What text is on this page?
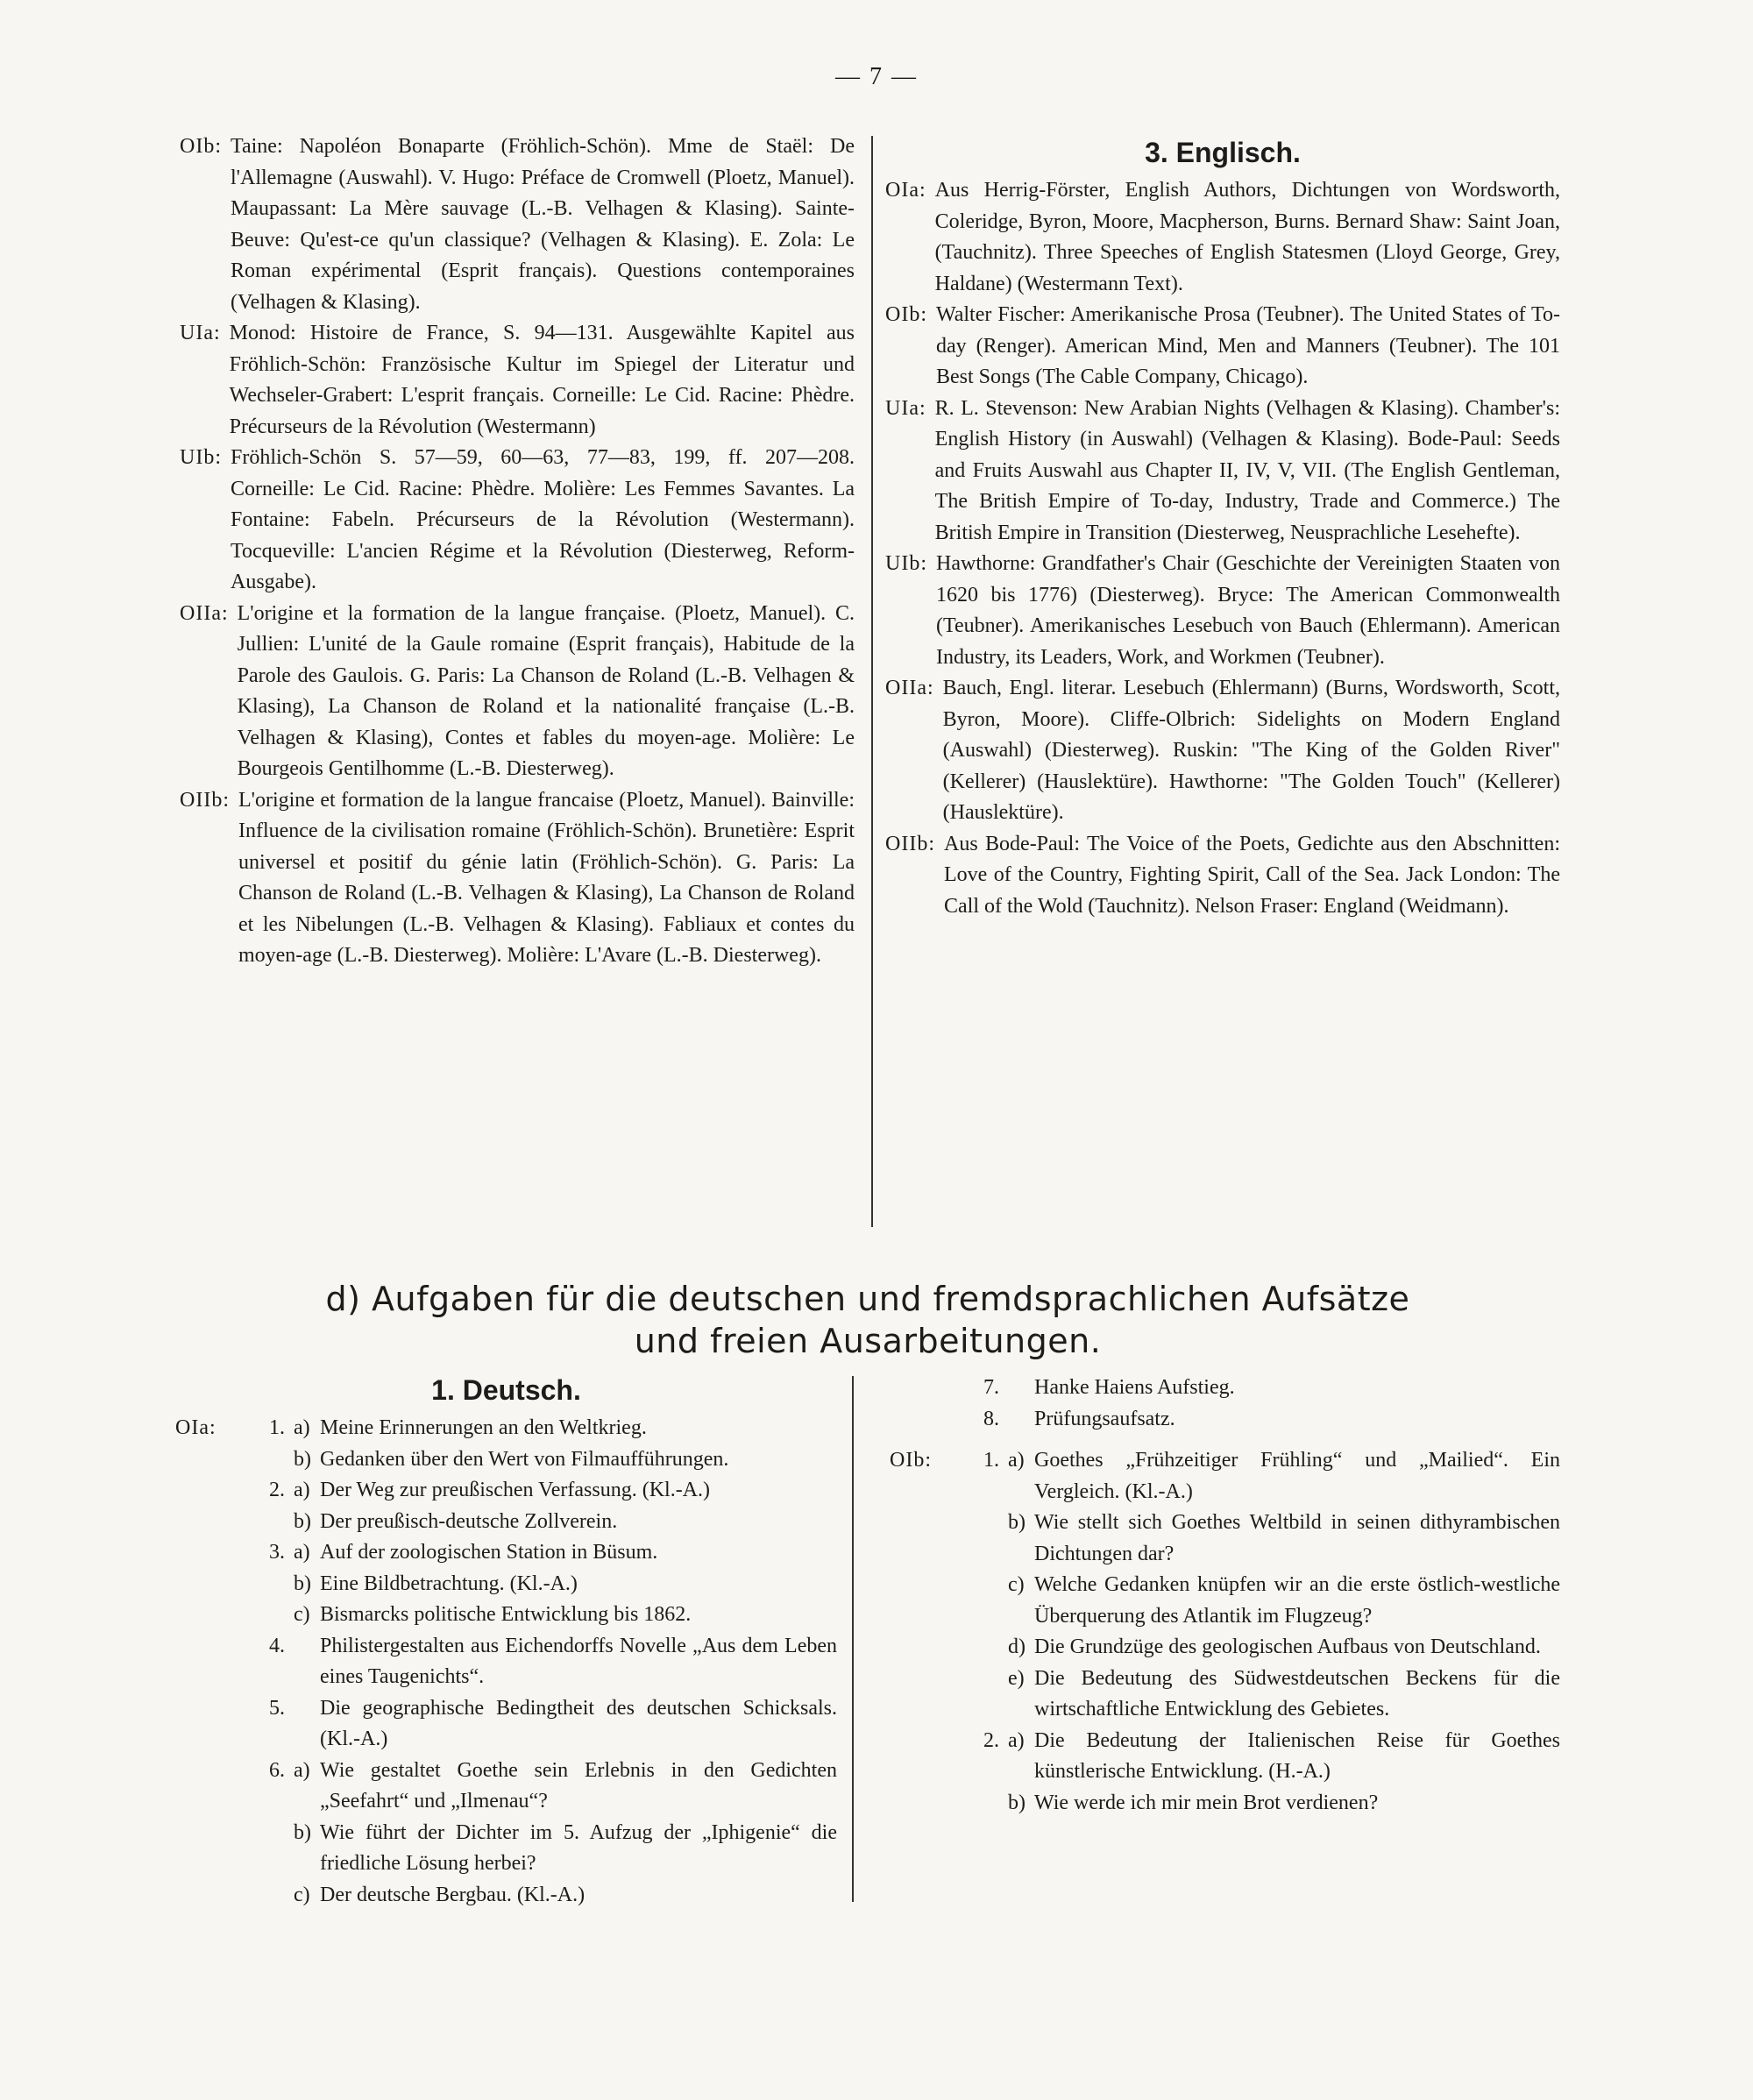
— 7 —
OIb: Taine: Napoléon Bonaparte (Fröhlich-Schön). Mme de Staël: De l'Allemagne (Auswahl). V. Hugo: Préface de Cromwell (Ploetz, Manuel). Maupassant: La Mère sauvage (L.-B. Velhagen & Klasing). Sainte-Beuve: Qu'est-ce qu'un classique? (Velhagen & Klasing). E. Zola: Le Roman expérimental (Esprit français). Questions contemporaines (Velhagen & Klasing).
UIa: Monod: Histoire de France, S. 94—131. Ausgewählte Kapitel aus Fröhlich-Schön: Französische Kultur im Spiegel der Literatur und Wechseler-Grabert: L'esprit français. Corneille: Le Cid. Racine: Phèdre. Précurseurs de la Révolution (Westermann)
UIb: Fröhlich-Schön S. 57—59, 60—63, 77—83, 199, ff. 207—208. Corneille: Le Cid. Racine: Phèdre. Molière: Les Femmes Savantes. La Fontaine: Fabeln. Précurseurs de la Révolution (Westermann). Tocqueville: L'ancien Régime et la Révolution (Diesterweg, Reform-Ausgabe).
OIIa: L'origine et la formation de la langue française. (Ploetz, Manuel). C. Jullien: L'unité de la Gaule romaine (Esprit français), Habitude de la Parole des Gaulois. G. Paris: La Chanson de Roland (L.-B. Velhagen & Klasing), La Chanson de Roland et la nationalité française (L.-B. Velhagen & Klasing), Contes et fables du moyen-age. Molière: Le Bourgeois Gentilhomme (L.-B. Diesterweg).
OIIb: L'origine et formation de la langue francaise (Ploetz, Manuel). Bainville: Influence de la civilisation romaine (Fröhlich-Schön). Brunetière: Esprit universel et positif du génie latin (Fröhlich-Schön). G. Paris: La Chanson de Roland (L.-B. Velhagen & Klasing), La Chanson de Roland et les Nibelungen (L.-B. Velhagen & Klasing). Fabliaux et contes du moyen-age (L.-B. Diesterweg). Molière: L'Avare (L.-B. Diesterweg).
3. Englisch.
OIa: Aus Herrig-Förster, English Authors, Dichtungen von Wordsworth, Coleridge, Byron, Moore, Macpherson, Burns. Bernard Shaw: Saint Joan, (Tauchnitz). Three Speeches of English Statesmen (Lloyd George, Grey, Haldane) (Westermann Text).
OIb: Walter Fischer: Amerikanische Prosa (Teubner). The United States of To-day (Renger). American Mind, Men and Manners (Teubner). The 101 Best Songs (The Cable Company, Chicago).
UIa: R. L. Stevenson: New Arabian Nights (Velhagen & Klasing). Chamber's: English History (in Auswahl) (Velhagen & Klasing). Bode-Paul: Seeds and Fruits Auswahl aus Chapter II, IV, V, VII. (The English Gentleman, The British Empire of To-day, Industry, Trade and Commerce.) The British Empire in Transition (Diesterweg, Neusprachliche Lesehefte).
UIb: Hawthorne: Grandfather's Chair (Geschichte der Vereinigten Staaten von 1620 bis 1776) (Diesterweg). Bryce: The American Commonwealth (Teubner). Amerikanisches Lesebuch von Bauch (Ehlermann). American Industry, its Leaders, Work, and Workmen (Teubner).
OIIa: Bauch, Engl. literar. Lesebuch (Ehlermann) (Burns, Wordsworth, Scott, Byron, Moore). Cliffe-Olbrich: Sidelights on Modern England (Auswahl) (Diesterweg). Ruskin: "The King of the Golden River" (Kellerer) (Hauslektüre). Hawthorne: "The Golden Touch" (Kellerer) (Hauslektüre).
OIIb: Aus Bode-Paul: The Voice of the Poets, Gedichte aus den Abschnitten: Love of the Country, Fighting Spirit, Call of the Sea. Jack London: The Call of the Wold (Tauchnitz). Nelson Fraser: England (Weidmann).
d) Aufgaben für die deutschen und fremdsprachlichen Aufsätze
und freien Ausarbeitungen.
1. Deutsch.
OIa:	1. a) Meine Erinnerungen an den Weltkrieg.
b) Gedanken über den Wert von Filmaufführungen.
2. a) Der Weg zur preußischen Verfassung. (Kl.-A.)
b) Der preußisch-deutsche Zollverein.
3. a) Auf der zoologischen Station in Büsum.
b) Eine Bildbetrachtung. (Kl.-A.)
c) Bismarcks politische Entwicklung bis 1862.
4.	Philistergestalten aus Eichendorffs Novelle „Aus dem Leben eines Taugenichts“.
5.	Die geographische Bedingtheit des deutschen Schicksals. (Kl.-A.)
6. a) Wie gestaltet Goethe sein Erlebnis in den Gedichten „Seefahrt“ und „Ilmenau“?
b) Wie führt der Dichter im 5. Aufzug der „Iphigenie“ die friedliche Lösung herbei?
c) Der deutsche Bergbau. (Kl.-A.)
7.	Hanke Haiens Aufstieg.
8.	Prüfungsaufsatz.
OIb:	1. a) Goethes „Frühzeitiger Frühling“ und „Mailied“. Ein Vergleich. (Kl.-A.)
b) Wie stellt sich Goethes Weltbild in seinen dithyrambischen Dichtungen dar?
c) Welche Gedanken knüpfen wir an die erste östlich-westliche Überquerung des Atlantik im Flugzeug?
d) Die Grundzüge des geologischen Aufbaus von Deutschland.
e) Die Bedeutung des Südwestdeutschen Beckens für die wirtschaftliche Entwicklung des Gebietes.
2. a) Die Bedeutung der Italienischen Reise für Goethes künstlerische Entwicklung. (H.-A.)
b) Wie werde ich mir mein Brot verdienen?
